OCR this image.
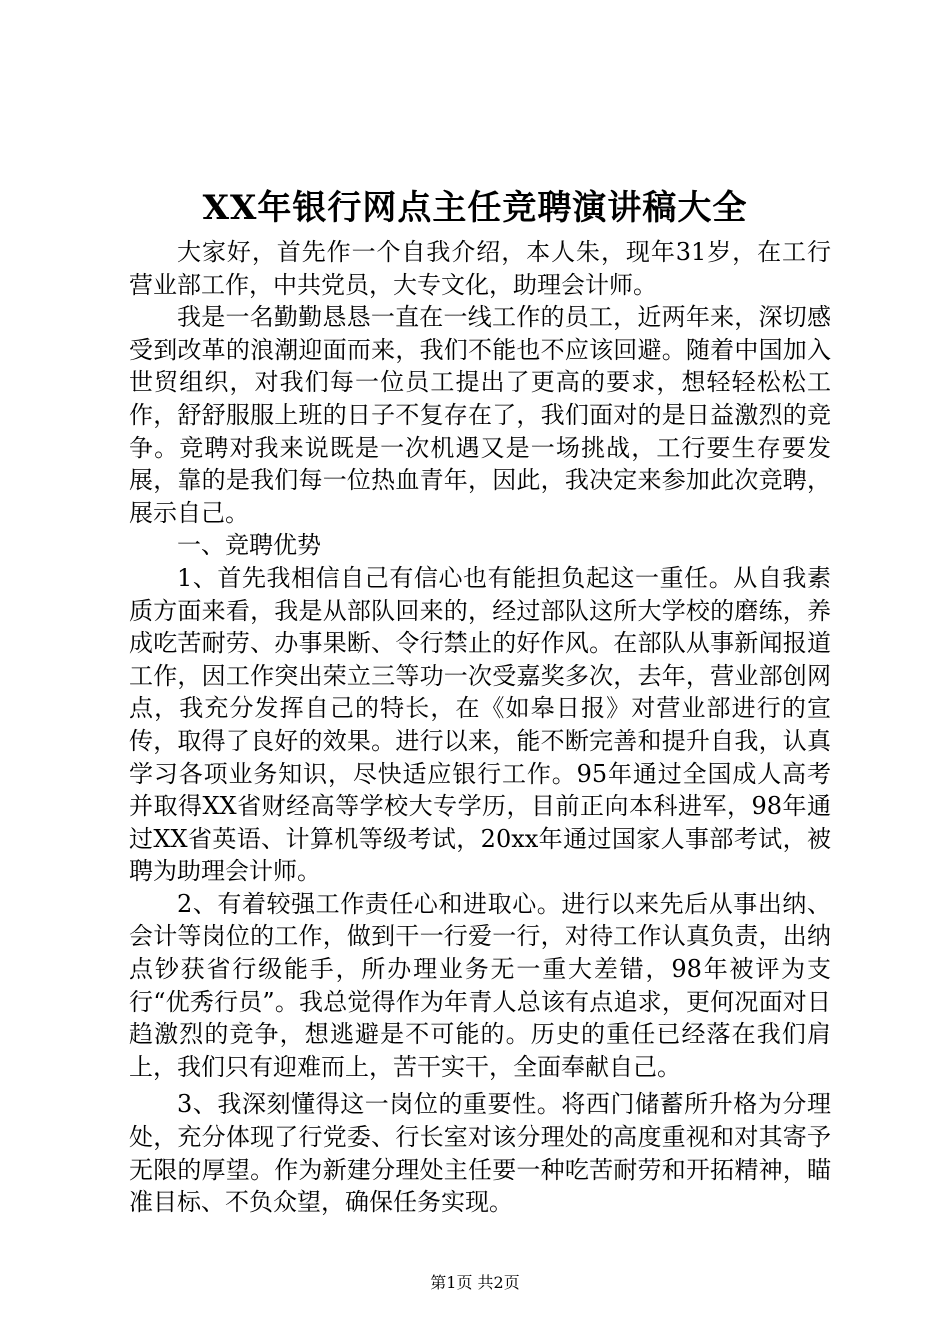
XX年银行网点主任竞聘演讲稿大全

大家好，首先作一个自我介绍，本人朱，现年31岁，在工行营业部工作，中共党员，大专文化，助理会计师。

我是一名勤勤恳恳一直在一线工作的员工，近两年来，深切感受到改革的浪潮迎面而来，我们不能也不应该回避。随着中国加入世贸组织，对我们每一位员工提出了更高的要求，想轻轻松松工作，舒舒服服上班的日子不复存在了，我们面对的是日益激烈的竞争。竞聘对我来说既是一次机遇又是一场挑战，工行要生存要发展，靠的是我们每一位热血青年，因此，我决定来参加此次竞聘，展示自己。

一、竞聘优势

1、首先我相信自己有信心也有能担负起这一重任。从自我素质方面来看，我是从部队回来的，经过部队这所大学校的磨练，养成吃苦耐劳、办事果断、令行禁止的好作风。在部队从事新闻报道工作，因工作突出荣立三等功一次受嘉奖多次，去年，营业部创网点，我充分发挥自己的特长，在《如皋日报》对营业部进行的宣传，取得了良好的效果。进行以来，能不断完善和提升自我，认真学习各项业务知识，尽快适应银行工作。95年通过全国成人高考并取得XX省财经高等学校大专学历，目前正向本科进军，98年通过XX省英语、计算机等级考试，20xx年通过国家人事部考试，被聘为助理会计师。

2、有着较强工作责任心和进取心。进行以来先后从事出纳、会计等岗位的工作，做到干一行爱一行，对待工作认真负责，出纳点钞获省行级能手，所办理业务无一重大差错，98年被评为支行“优秀行员”。我总觉得作为年青人总该有点追求，更何况面对日趋激烈的竞争，想逃避是不可能的。历史的重任已经落在我们肩上，我们只有迎难而上，苦干实干，全面奉献自己。

3、我深刻懂得这一岗位的重要性。将西门储蓄所升格为分理处，充分体现了行党委、行长室对该分理处的高度重视和对其寄予无限的厚望。作为新建分理处主任要一种吃苦耐劳和开拓精神，瞄准目标、不负众望，确保任务实现。

第1页 共2页
